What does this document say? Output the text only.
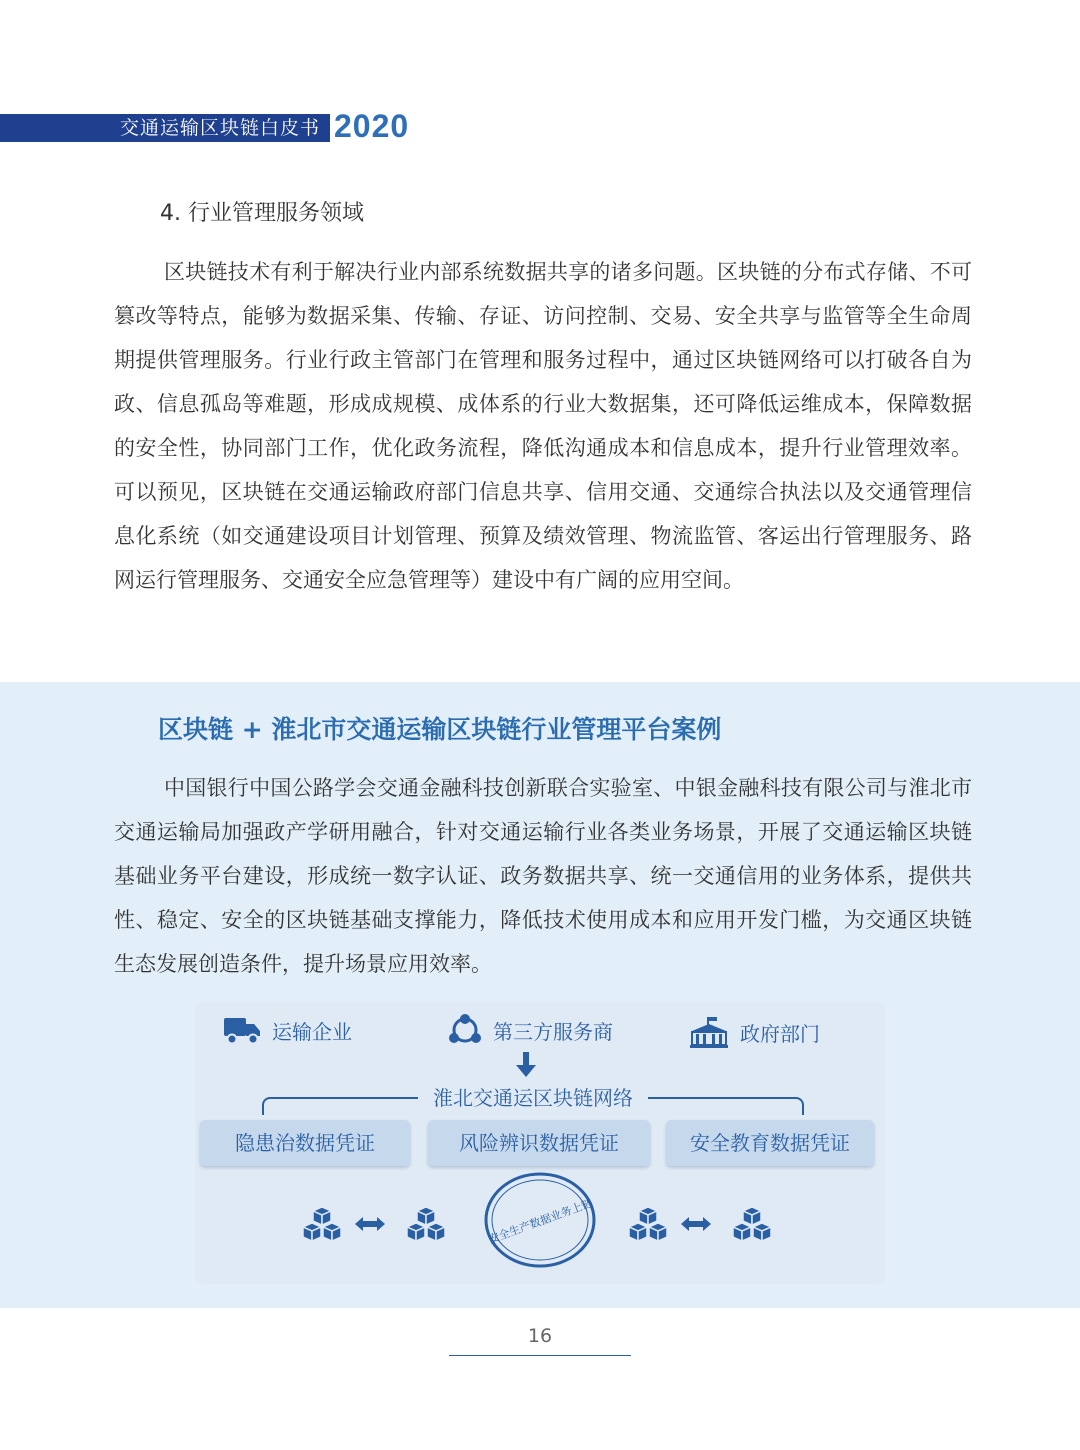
交通运输区块链白皮书 2020
4. 行业管理服务领域

区块链技术有利于解决行业内部系统数据共享的诸多问题。区块链的分布式存储、不可篡改等特点，能够为数据采集、传输、存证、访问控制、交易、安全共享与监管等全生命周期提供管理服务。行业行政主管部门在管理和服务过程中，通过区块链网络可以打破各自为政、信息孤岛等难题，形成成规模、成体系的行业大数据集，还可降低运维成本，保障数据的安全性，协同部门工作，优化政务流程，降低沟通成本和信息成本，提升行业管理效率。可以预见，区块链在交通运输政府部门信息共享、信用交通、交通综合执法以及交通管理信息化系统（如交通建设项目计划管理、预算及绩效管理、物流监管、客运出行管理服务、路网运行管理服务、交通安全应急管理等）建设中有广阔的应用空间。

区块链 + 淮北市交通运输区块链行业管理平台案例

中国银行中国公路学会交通金融科技创新联合实验室、中银金融科技有限公司与淮北市交通运输局加强政产学研用融合，针对交通运输行业各类业务场景，开展了交通运输区块链基础业务平台建设，形成统一数字认证、政务数据共享、统一交通信用的业务体系，提供共性、稳定、安全的区块链基础支撑能力，降低技术使用成本和应用开发门槛，为交通区块链生态发展创造条件，提升场景应用效率。

运输企业	第三方服务商	政府部门
淮北交通运区块链网络
隐患治数据凭证	风险辨识数据凭证	安全教育数据凭证
安全生产数据业务上链
16
